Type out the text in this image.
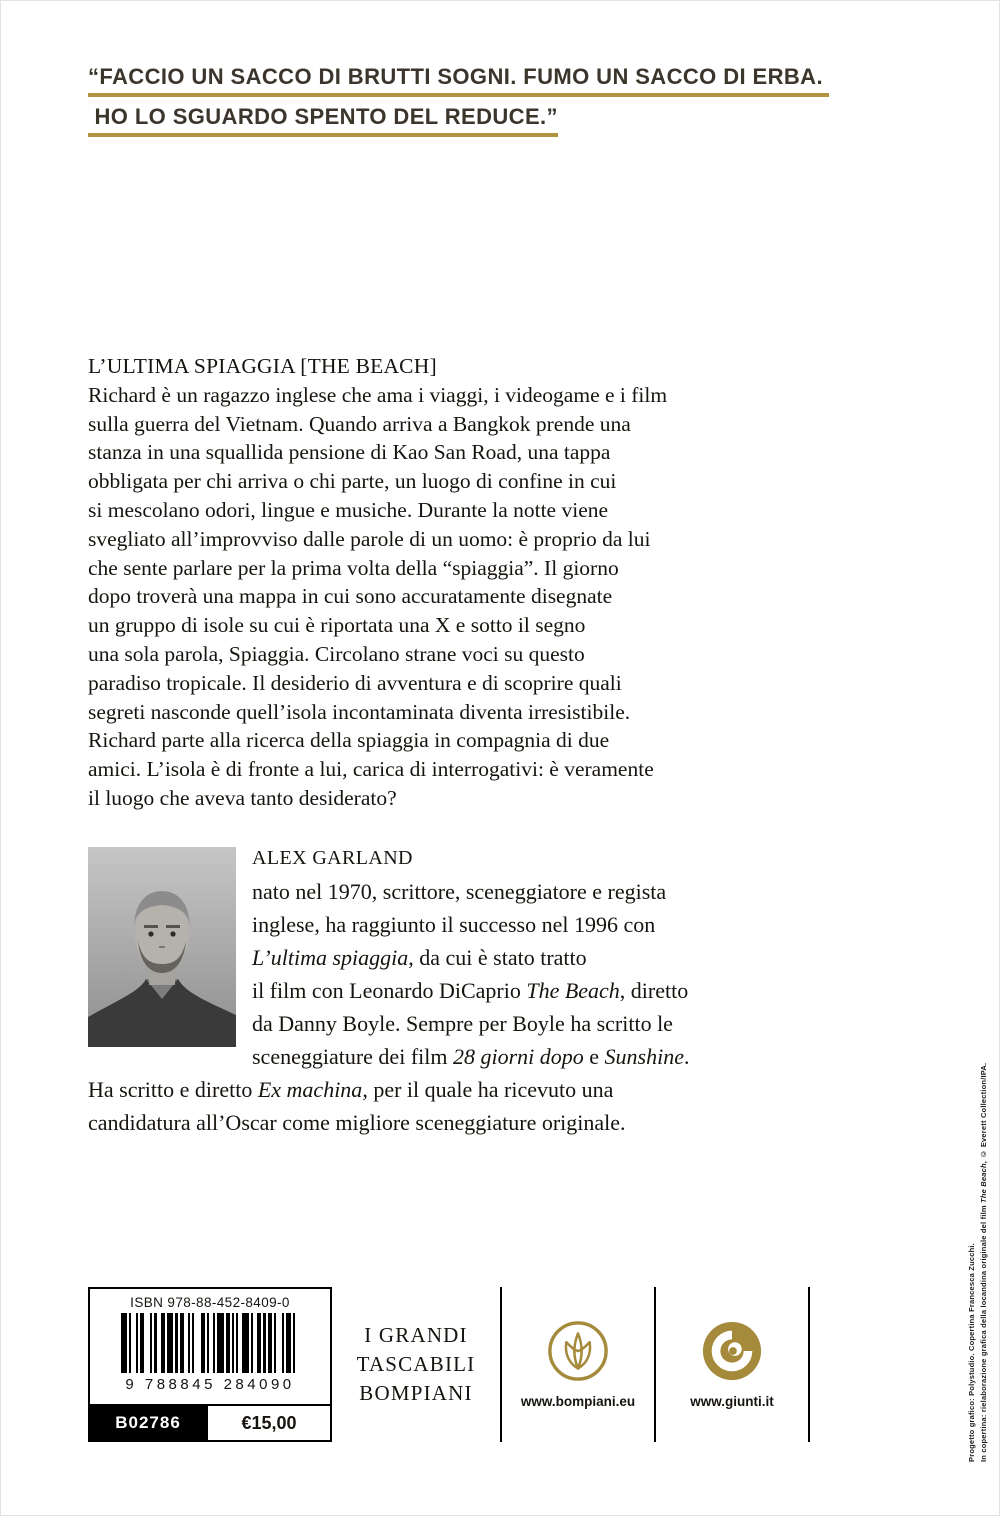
“FACCIO UN SACCO DI BRUTTI SOGNI. FUMO UN SACCO DI ERBA.
HO LO SGUARDO SPENTO DEL REDUCE.”
L’ULTIMA SPIAGGIA [THE BEACH]
Richard è un ragazzo inglese che ama i viaggi, i videogame e i film
sulla guerra del Vietnam. Quando arriva a Bangkok prende una
stanza in una squallida pensione di Kao San Road, una tappa
obbligata per chi arriva o chi parte, un luogo di confine in cui
si mescolano odori, lingue e musiche. Durante la notte viene
svegliato all’improvviso dalle parole di un uomo: è proprio da lui
che sente parlare per la prima volta della “spiaggia”. Il giorno
dopo troverà una mappa in cui sono accuratamente disegnate
un gruppo di isole su cui è riportata una X e sotto il segno
una sola parola, Spiaggia. Circolano strane voci su questo
paradiso tropicale. Il desiderio di avventura e di scoprire quali
segreti nasconde quell’isola incontaminata diventa irresistibile.
Richard parte alla ricerca della spiaggia in compagnia di due
amici. L’isola è di fronte a lui, carica di interrogativi: è veramente
il luogo che aveva tanto desiderato?
ALEX GARLAND
nato nel 1970, scrittore, sceneggiatore e regista
inglese, ha raggiunto il successo nel 1996 con
L’ultima spiaggia, da cui è stato tratto
il film con Leonardo DiCaprio The Beach, diretto
da Danny Boyle. Sempre per Boyle ha scritto le
sceneggiature dei film 28 giorni dopo e Sunshine.
Ha scritto e diretto Ex machina, per il quale ha ricevuto una
candidatura all’Oscar come migliore sceneggiature originale.
ISBN 978-88-452-8409-0
9 788845 284090
B02786	€15,00
I GRANDI
TASCABILI
BOMPIANI	www.bompiani.eu	www.giunti.it	In copertina: rielaborazione grafica della locandina originale del film The Beach, © Everett Collection/IPA.
Progetto grafico: Polystudio. Copertina Francesca Zucchi.
